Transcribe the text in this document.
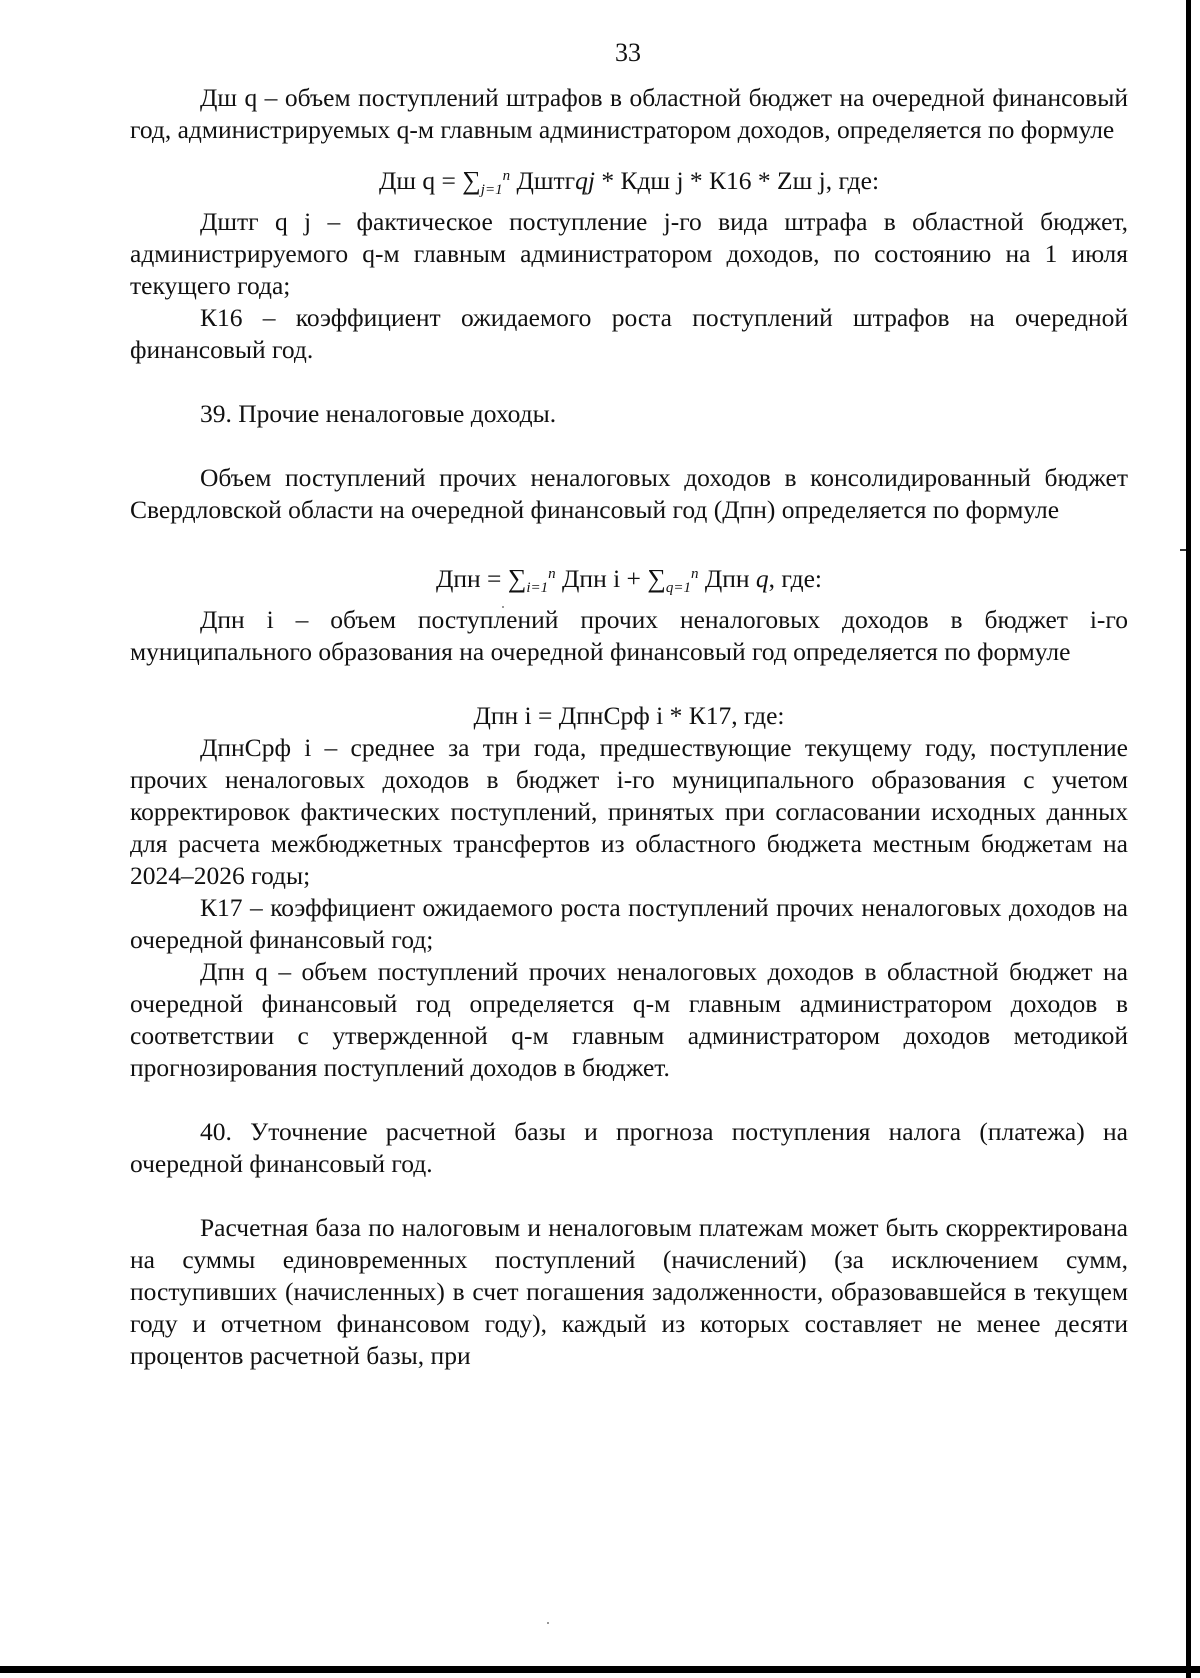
33

Дш q – объем поступлений штрафов в областной бюджет на очередной финансовый год, администрируемых q-м главным администратором доходов, определяется по формуле

Дш $q = \sum_{j=1}^n$ Дштгqj * Кдш j * К16 * Zш j, где:

Дштг q j – фактическое поступление j-го вида штрафа в областной бюджет, администрируемого q-м главным администратором доходов, по состоянию на 1 июля текущего года;

К16 – коэффициент ожидаемого роста поступлений штрафов на очередной финансовый год.

39. Прочие неналоговые доходы.

Объем поступлений прочих неналоговых доходов в консолидированный бюджет Свердловской области на очередной финансовый год (Дпн) определяется по формуле

Дпн = $\sum_{i=1}^n$ Дпн $i + \sum_{q=1}^n$ Дпн q, где:

Дпн i – объем поступлений прочих неналоговых доходов в бюджет i-го муниципального образования на очередной финансовый год определяется по формуле

Дпн i = ДпнСрф i * К17, где:

ДпнСрф i – среднее за три года, предшествующие текущему году, поступление прочих неналоговых доходов в бюджет i-го муниципального образования с учетом корректировок фактических поступлений, принятых при согласовании исходных данных для расчета межбюджетных трансфертов из областного бюджета местным бюджетам на 2024–2026 годы;

К17 – коэффициент ожидаемого роста поступлений прочих неналоговых доходов на очередной финансовый год;

Дпн q – объем поступлений прочих неналоговых доходов в областной бюджет на очередной финансовый год определяется q-м главным администратором доходов в соответствии с утвержденной q-м главным администратором доходов методикой прогнозирования поступлений доходов в бюджет.

40. Уточнение расчетной базы и прогноза поступления налога (платежа) на очередной финансовый год.

Расчетная база по налоговым и неналоговым платежам может быть скорректирована на суммы единовременных поступлений (начислений) (за исключением сумм, поступивших (начисленных) в счет погашения задолженности, образовавшейся в текущем году и отчетном финансовом году), каждый из которых составляет не менее десяти процентов расчетной базы, при
